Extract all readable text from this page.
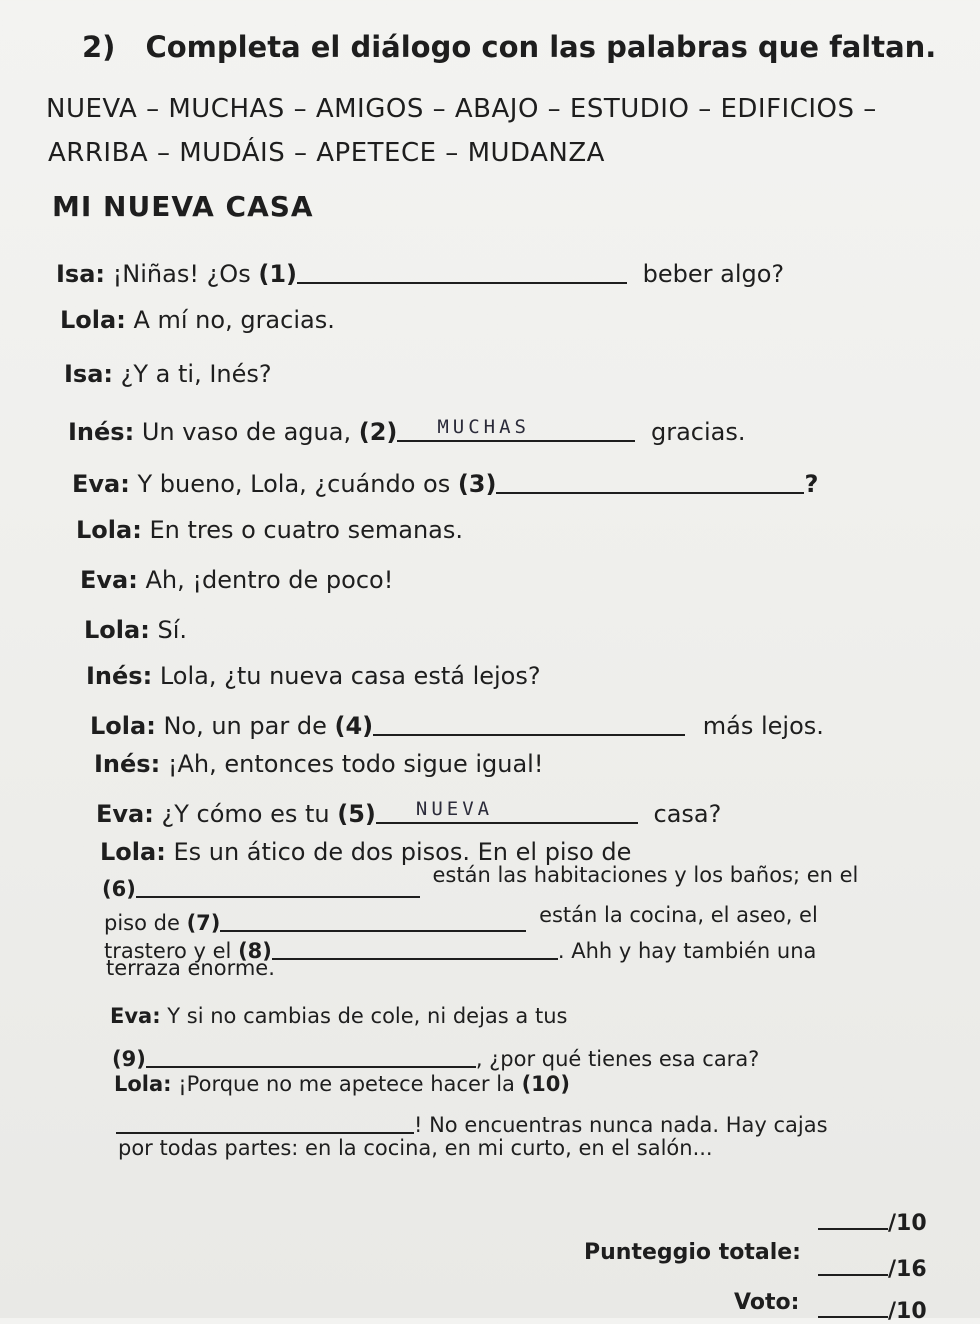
2) Completa el diálogo con las palabras que faltan.
NUEVA – MUCHAS – AMIGOS – ABAJO – ESTUDIO – EDIFICIOS –
ARRIBA – MUDÁIS – APETECE – MUDANZA
MI NUEVA CASA
Isa: ¡Niñas! ¿Os (1)	beber algo?
Lola: A mí no, gracias.
Isa: ¿Y a ti, Inés?
Inés: Un vaso de agua, (2) MUCHAS	gracias.
Eva: Y bueno, Lola, ¿cuándo os (3)	?
Lola: En tres o cuatro semanas.
Eva: Ah, ¡dentro de poco!
Lola: Sí.
Inés: Lola, ¿tu nueva casa está lejos?
Lola: No, un par de (4)	más lejos.
Inés: ¡Ah, entonces todo sigue igual!
Eva: ¿Y cómo es tu (5) NUEVA	casa?
Lola: Es un ático de dos pisos. En el piso de
(6) están las habitaciones y los baños; en el
piso de (7)	están la cocina, el aseo, el
trastero y el (8)	. Ahh y hay también una
terraza enorme.
Eva: Y si no cambias de cole, ni dejas a tus
(9)	, ¿por qué tienes esa cara?
Lola: ¡Porque no me apetece hacer la (10)
! No encuentras nunca nada. Hay cajas
por todas partes: en la cocina, en mi curto, en el salón...
/10
Punteggio totale:
/16
Voto:	/10
